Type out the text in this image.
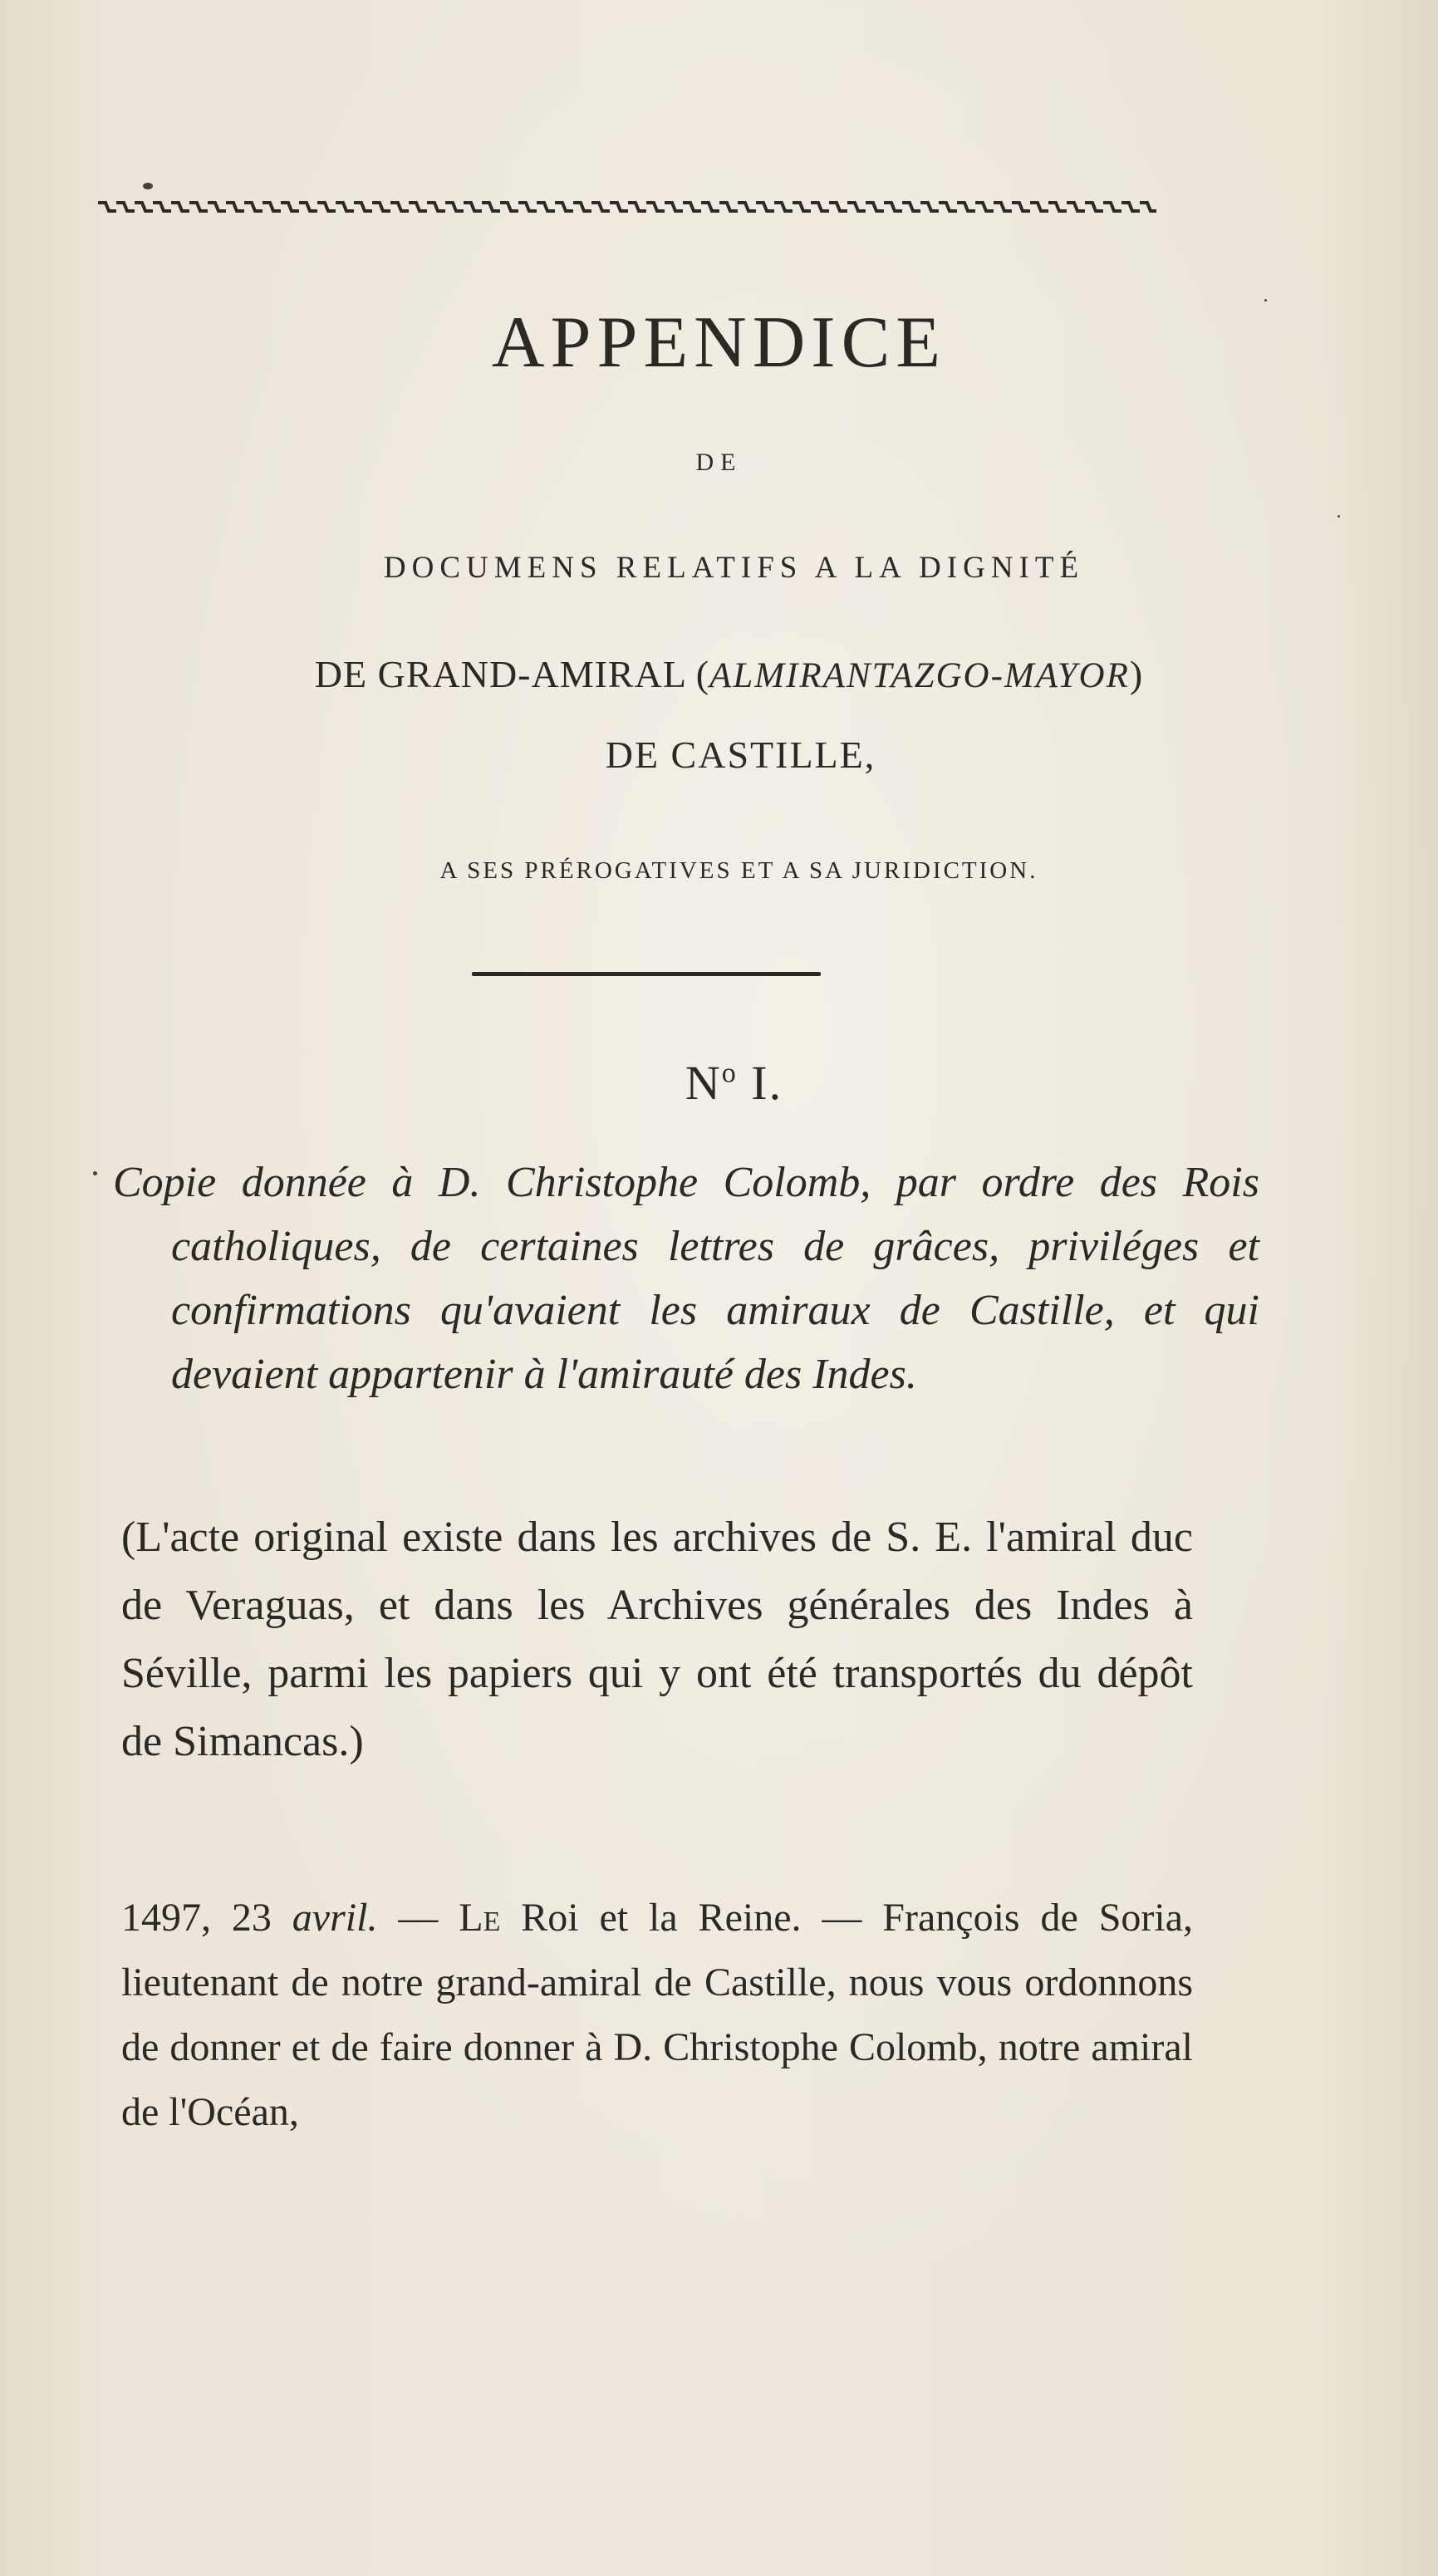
APPENDICE
DE
DOCUMENS RELATIFS A LA DIGNITÉ
DE GRAND-AMIRAL (ALMIRANTAZGO-MAYOR)
DE CASTILLE,
A SES PRÉROGATIVES ET A SA JURIDICTION.
$N^o$ I.

Copie donnée à D. Christophe Colomb, par ordre des Rois catholiques, de certaines lettres de grâces, priviléges et confirmations qu'avaient les amiraux de Castille, et qui devaient appartenir à l'amirauté des Indes.

(L'acte original existe dans les archives de S. E. l'amiral duc de Veraguas, et dans les Archives générales des Indes à Séville, parmi les papiers qui y ont été transportés du dépôt de Simancas.)

1497, 23 avril. — Le Roi et la Reine. — François de Soria, lieutenant de notre grand-amiral de Castille, nous vous ordonnons de donner et de faire donner à D. Christophe Colomb, notre amiral de l'Océan,
